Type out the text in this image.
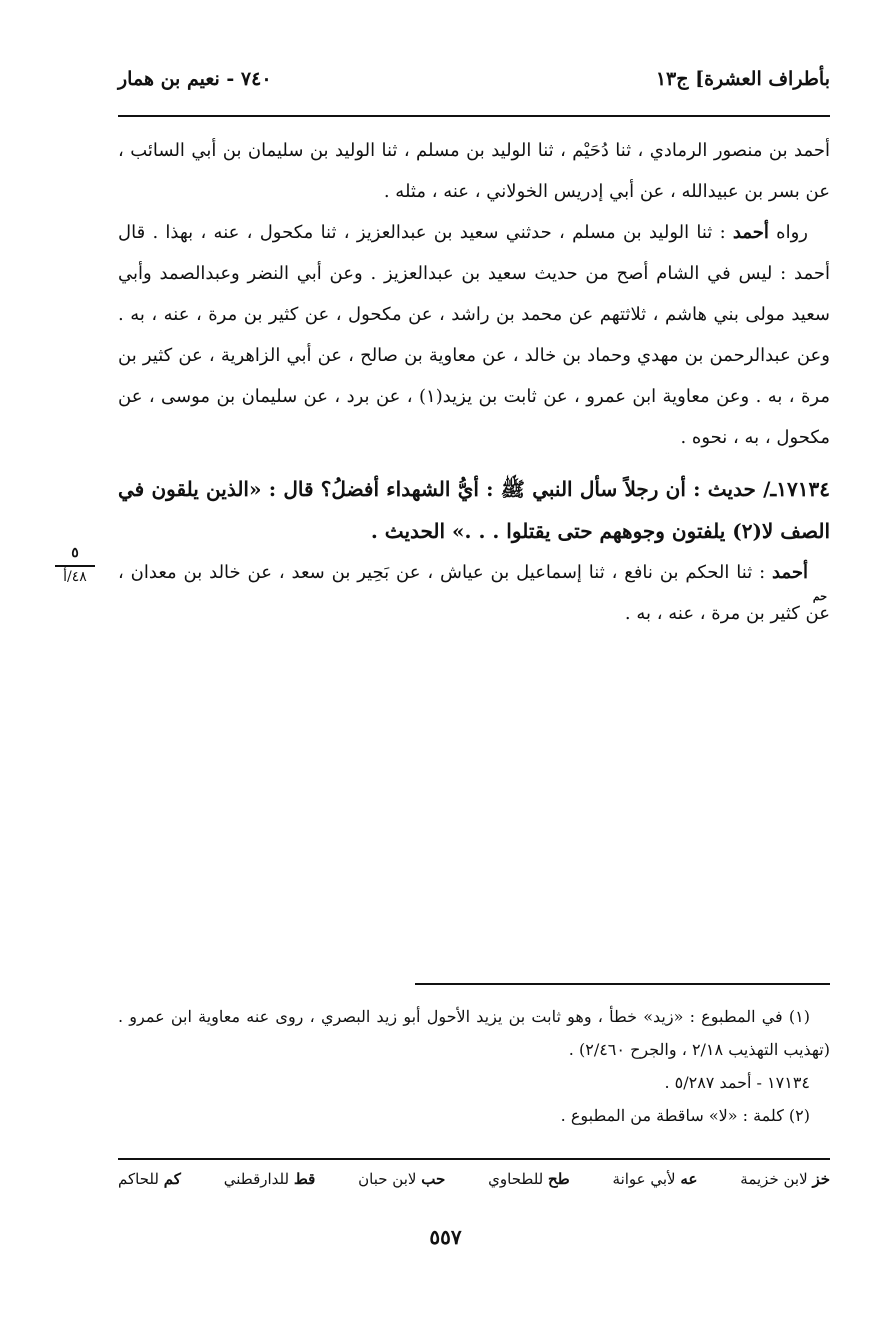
بأطراف العشرة] ج١٣
٧٤٠ - نعيم بن همار

أحمد بن منصور الرمادي ، ثنا دُحَيْم ، ثنا الوليد بن مسلم ، ثنا الوليد بن سليمان بن أبي السائب ، عن بسر بن عبيدالله ، عن أبي إدريس الخولاني ، عنه ، مثله .

رواه أحمد : ثنا الوليد بن مسلم ، حدثني سعيد بن عبدالعزيز ، ثنا مكحول ، عنه ، بهذا . قال أحمد : ليس في الشام أصح من حديث سعيد بن عبدالعزيز . وعن أبي النضر وعبدالصمد وأبي سعيد مولى بني هاشم ، ثلاثتهم عن محمد بن راشد ، عن مكحول ، عن كثير بن مرة ، عنه ، به . وعن عبدالرحمن بن مهدي وحماد بن خالد ، عن معاوية بن صالح ، عن أبي الزاهرية ، عن كثير بن مرة ، به . وعن معاوية ابن عمرو ، عن ثابت بن يزيد(١) ، عن برد ، عن سليمان بن موسى ، عن مكحول ، به ، نحوه .

١٧١٣٤ـ/ حديث : أن رجلاً سأل النبي ﷺ : أيُّ الشهداء أفضلُ؟ قال : «الذين يلقون في الصف لا(٢) يلفتون وجوههم حتى يقتلوا . . .» الحديث .

أحمد : ثنا الحكم بن نافع ، ثنا إسماعيل بن عياش ، عن بَحِير بن سعد ، عن خالد بن معدان ، عن كثير بن مرة ، عنه ، به .

٥
٤٨/أ
حم

(١) في المطبوع : «زيد» خطأ ، وهو ثابت بن يزيد الأحول أبو زيد البصري ، روى عنه معاوية ابن عمرو . (تهذيب التهذيب ٢/١٨ ، والجرح ٢/٤٦٠) .

١٧١٣٤ - أحمد ٥/٢٨٧ .

(٢) كلمة : «لا» ساقطة من المطبوع .

خز لابن خزيمة
عه لأبي عوانة
طح للطحاوي
حب لابن حبان
قط للدارقطني
كم للحاكم
٥٥٧
